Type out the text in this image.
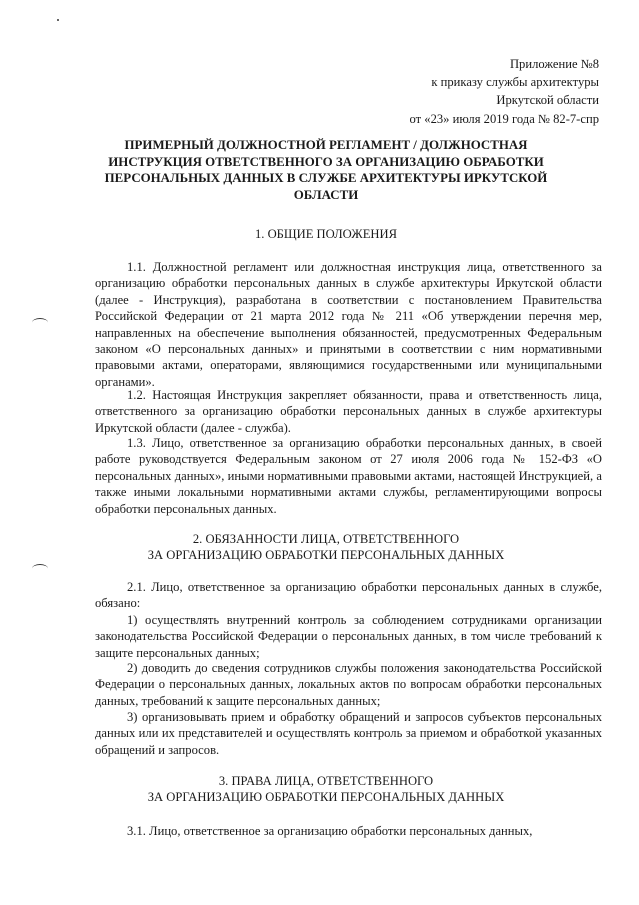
Приложение №8
к приказу службы архитектуры
Иркутской области
от «23» июля 2019 года № 82-7-спр
ПРИМЕРНЫЙ ДОЛЖНОСТНОЙ РЕГЛАМЕНТ / ДОЛЖНОСТНАЯ ИНСТРУКЦИЯ ОТВЕТСТВЕННОГО ЗА ОРГАНИЗАЦИЮ ОБРАБОТКИ ПЕРСОНАЛЬНЫХ ДАННЫХ В СЛУЖБЕ АРХИТЕКТУРЫ ИРКУТСКОЙ ОБЛАСТИ
1. ОБЩИЕ ПОЛОЖЕНИЯ

1.1. Должностной регламент или должностная инструкция лица, ответственного за организацию обработки персональных данных в службе архитектуры Иркутской области (далее - Инструкция), разработана в соответствии с постановлением Правительства Российской Федерации от 21 марта 2012 года № 211 «Об утверждении перечня мер, направленных на обеспечение выполнения обязанностей, предусмотренных Федеральным законом «О персональных данных» и принятыми в соответствии с ним нормативными правовыми актами, операторами, являющимися государственными или муниципальными органами».

1.2. Настоящая Инструкция закрепляет обязанности, права и ответственность лица, ответственного за организацию обработки персональных данных в службе архитектуры Иркутской области (далее - служба).

1.3. Лицо, ответственное за организацию обработки персональных данных, в своей работе руководствуется Федеральным законом от 27 июля 2006 года № 152-ФЗ «О персональных данных», иными нормативными правовыми актами, настоящей Инструкцией, а также иными локальными нормативными актами службы, регламентирующими вопросы обработки персональных данных.

2. ОБЯЗАННОСТИ ЛИЦА, ОТВЕТСТВЕННОГО
ЗА ОРГАНИЗАЦИЮ ОБРАБОТКИ ПЕРСОНАЛЬНЫХ ДАННЫХ

2.1. Лицо, ответственное за организацию обработки персональных данных в службе, обязано:

1) осуществлять внутренний контроль за соблюдением сотрудниками организации законодательства Российской Федерации о персональных данных, в том числе требований к защите персональных данных;

2) доводить до сведения сотрудников службы положения законодательства Российской Федерации о персональных данных, локальных актов по вопросам обработки персональных данных, требований к защите персональных данных;

3) организовывать прием и обработку обращений и запросов субъектов персональных данных или их представителей и осуществлять контроль за приемом и обработкой указанных обращений и запросов.

3. ПРАВА ЛИЦА, ОТВЕТСТВЕННОГО
ЗА ОРГАНИЗАЦИЮ ОБРАБОТКИ ПЕРСОНАЛЬНЫХ ДАННЫХ

3.1. Лицо, ответственное за организацию обработки персональных данных,
